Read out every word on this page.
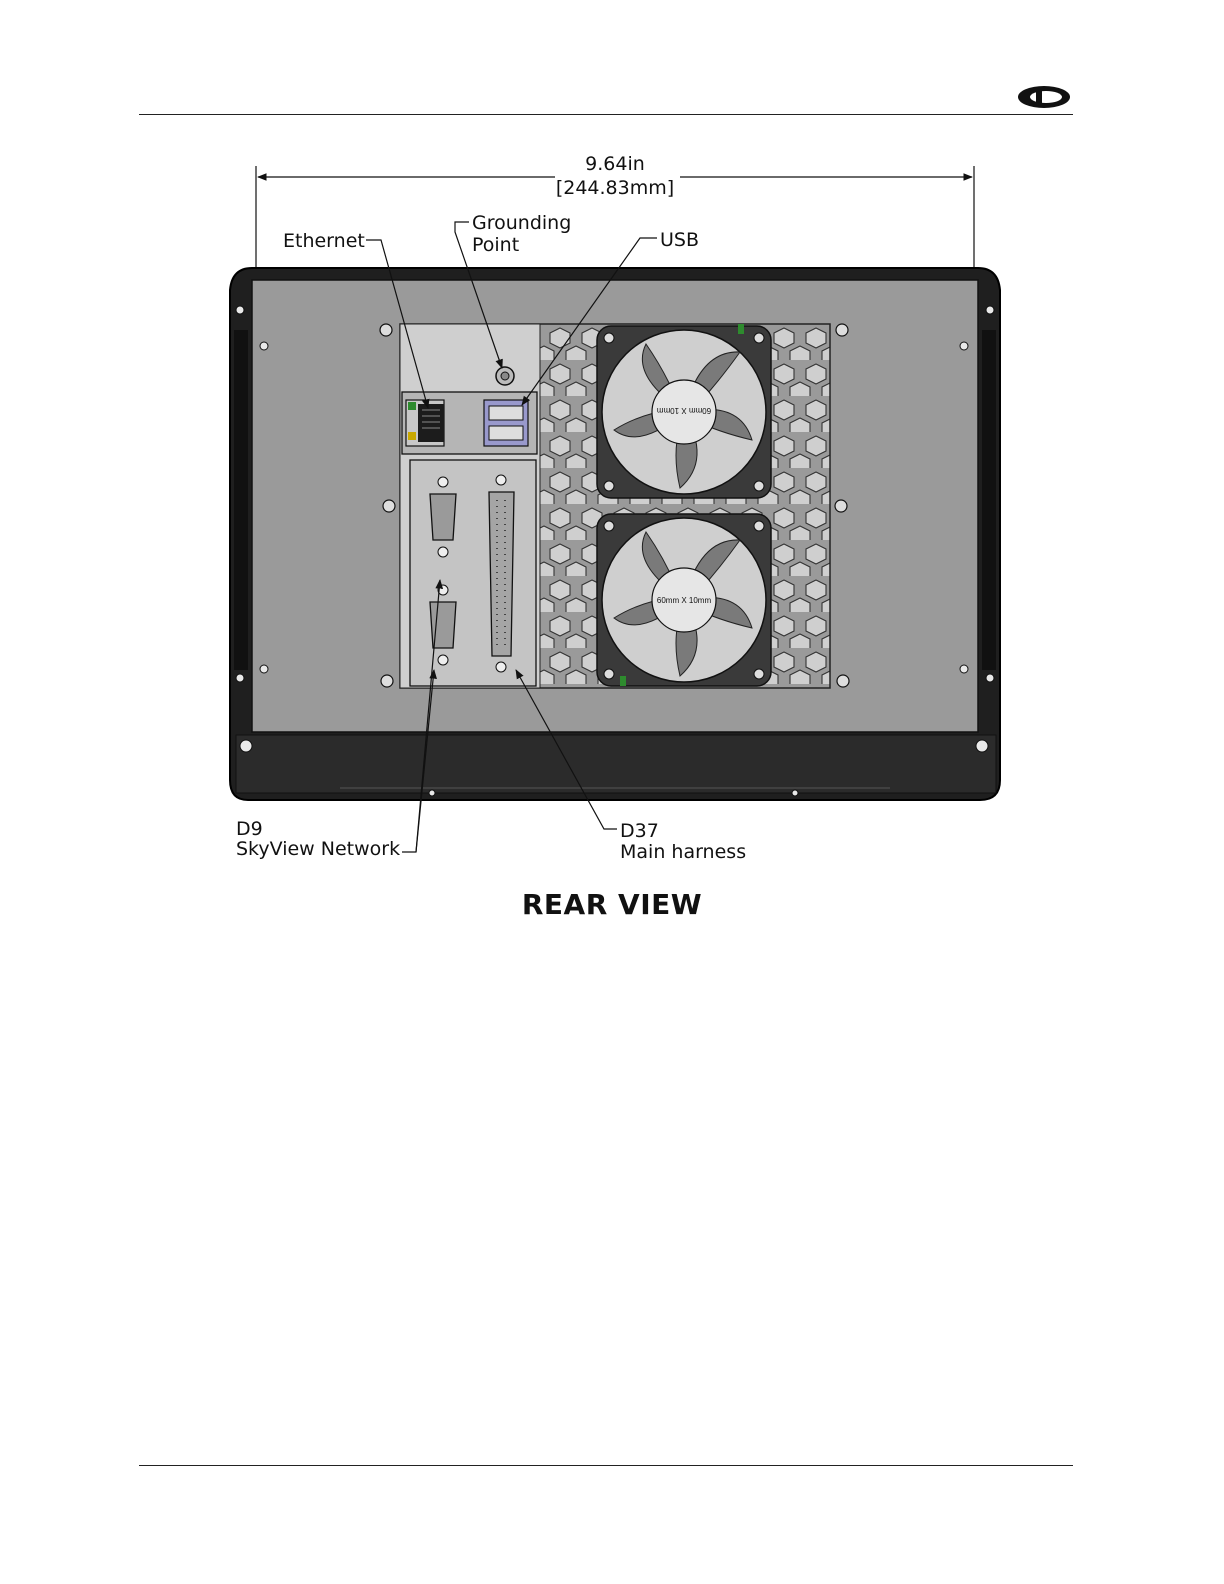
9.64in
[244.83mm]
Ethernet
Grounding
Point	USB
D9
SkyView Network
D37
Main harness
60mm X 10mm
60mm X 10mm
REAR VIEW
